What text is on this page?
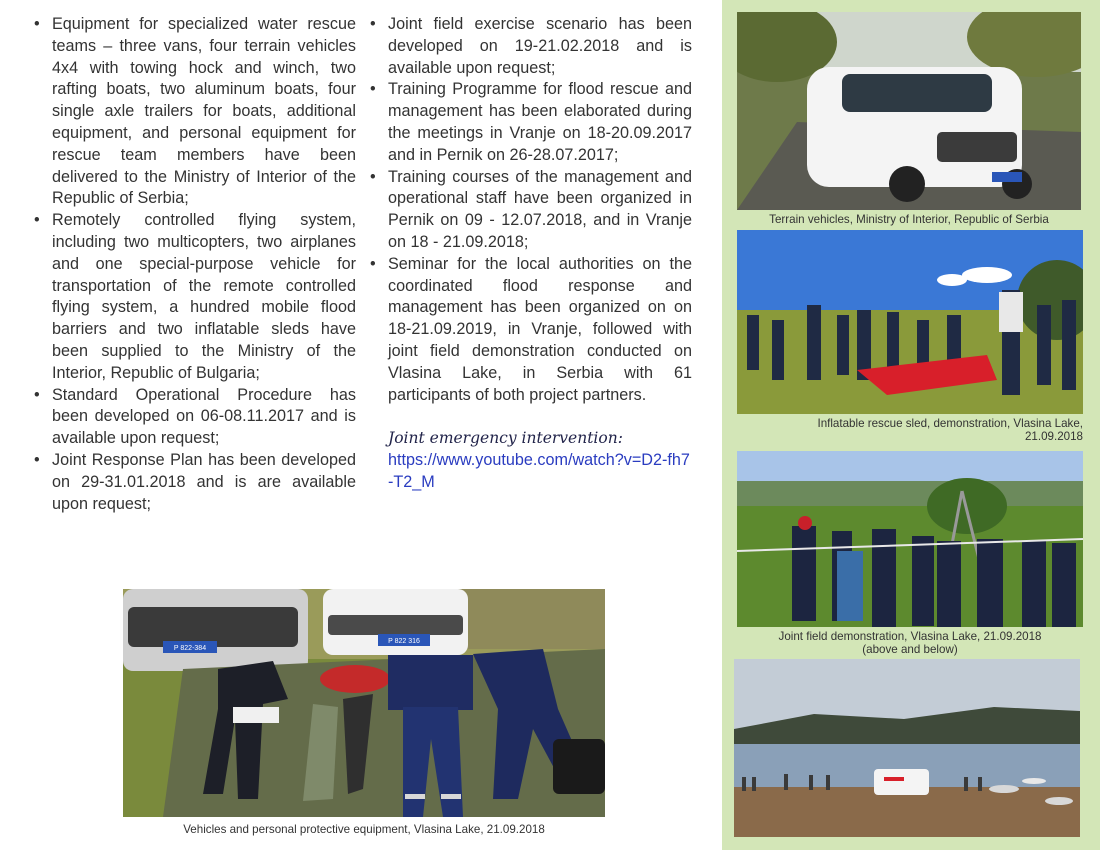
• Equipment for specialized water rescue teams – three vans, four terrain vehicles 4x4 with towing hock and winch, two rafting boats, two aluminum boats, four single axle trailers for boats, additional equipment, and personal equipment for rescue team members have been delivered to the Ministry of Interior of the Republic of Serbia;
• Remotely controlled flying system, including two multicopters, two airplanes and one special-purpose vehicle for transportation of the remote controlled flying system, a hundred mobile flood barriers and two inflatable sleds have been supplied to the Ministry of the Interior, Republic of Bulgaria;
• Standard Operational Procedure has been developed on 06-08.11.2017 and is available upon request;
• Joint Response Plan has been developed on 29-31.01.2018 and is are available upon request;
• Joint field exercise scenario has been developed on 19-21.02.2018 and is available upon request;
• Training Programme for flood rescue and management has been elaborated during the meetings in Vranje on 18-20.09.2017 and in Pernik on 26-28.07.2017;
• Training courses of the management and operational staff have been organized in Pernik on 09 - 12.07.2018, and in Vranje on 18 - 21.09.2018;
• Seminar for the local authorities on the coordinated flood response and management has been organized on on 18-21.09.2019, in Vranje, followed with joint field demonstration conducted on Vlasina Lake, in Serbia with 61 participants of both project partners.
Joint emergency intervention:
https://www.youtube.com/watch?v=D2-fh7-T2_M
P 822-384
P 822 316
Vehicles and personal protective equipment, Vlasina Lake, 21.09.2018
Terrain vehicles, Ministry of Interior, Republic of Serbia
Inflatable rescue sled, demonstration, Vlasina Lake,
21.09.2018
Joint field demonstration, Vlasina Lake, 21.09.2018
(above and below)
